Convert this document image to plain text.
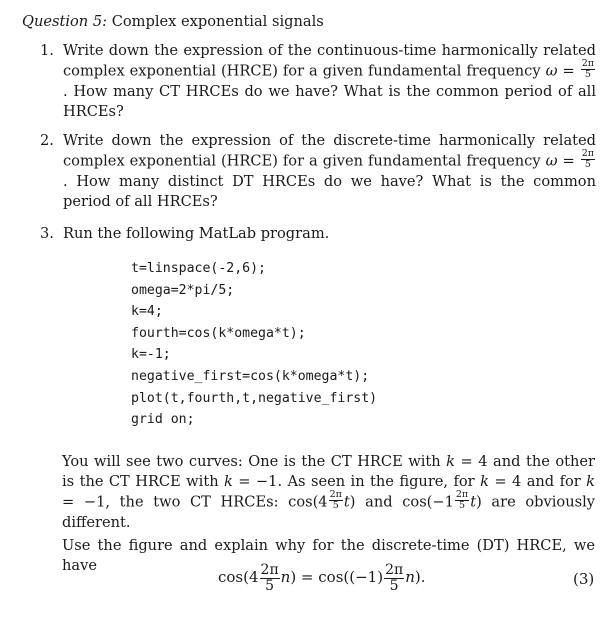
Question 5: Complex exponential signals
1. Write down the expression of the continuous-time harmonically related complex exponential (HRCE) for a given fundamental frequency $\omega = \frac{2\pi}{5}$
. How many CT HRCEs do we have? What is the common period of all HRCEs?
2. Write down the expression of the discrete-time harmonically related complex exponential (HRCE) for a given fundamental frequency $\omega = \frac{2\pi}{5}$
. How many distinct DT HRCEs do we have? What is the common period of all HRCEs?
3. Run the following MatLab program.
t=linspace(-2,6);
omega=2*pi/5;
k=4;
fourth=cos(k*omega*t);
k=-1;
negative_first=cos(k*omega*t);
plot(t,fourth,t,negative_first)
grid on;
You will see two curves: One is the CT HRCE with k = 4 and the other is the CT HRCE with k = −1. As seen in the figure, for k = 4 and for k = −1, the two CT HRCEs: $\cos(4 \frac{2\pi}{5} t)$ and $\cos(-1 \frac{2\pi}{5} t)$ are obviously different.
Use the figure and explain why for the discrete-time (DT) HRCE, we have
$\cos(4 \frac{2\pi}{5} n) = \cos((-1) \frac{2\pi}{5} n)$.	(3)
